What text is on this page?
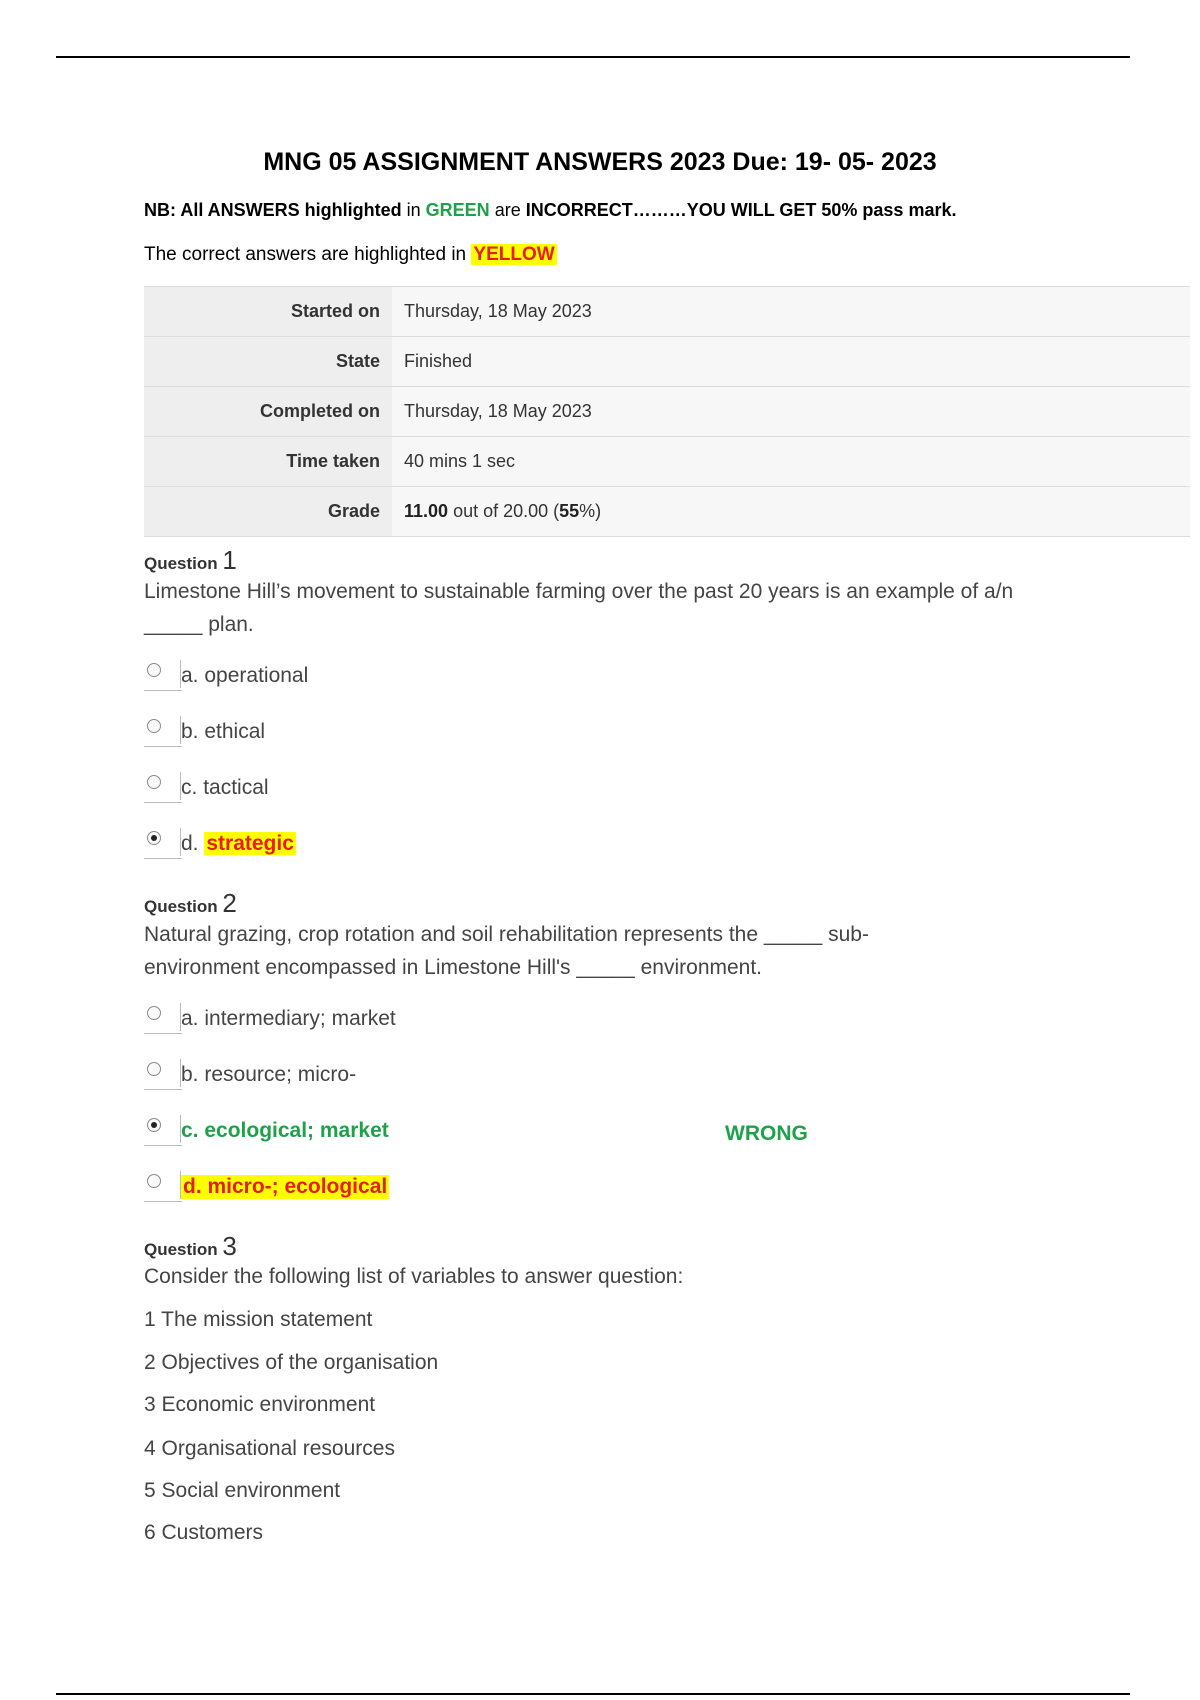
MNG 05 ASSIGNMENT ANSWERS 2023 Due: 19- 05- 2023
NB: All ANSWERS highlighted in GREEN are INCORRECT………YOU WILL GET 50% pass mark.
The correct answers are highlighted in YELLOW
Started on	Thursday, 18 May 2023
State	Finished
Completed on	Thursday, 18 May 2023
Time taken	40 mins 1 sec
Grade	11.00 out of 20.00 (55%)
Question 1
Limestone Hill’s movement to sustainable farming over the past 20 years is an example of a/n _____ plan.
a. operational
b. ethical
c. tactical
d. strategic
Question 2
Natural grazing, crop rotation and soil rehabilitation represents the _____ sub-environment encompassed in Limestone Hill's _____ environment.
a. intermediary; market
b. resource; micro-
c. ecological; market	WRONG
d. micro-; ecological
Question 3
Consider the following list of variables to answer question:
1 The mission statement
2 Objectives of the organisation
3 Economic environment
4 Organisational resources
5 Social environment
6 Customers
